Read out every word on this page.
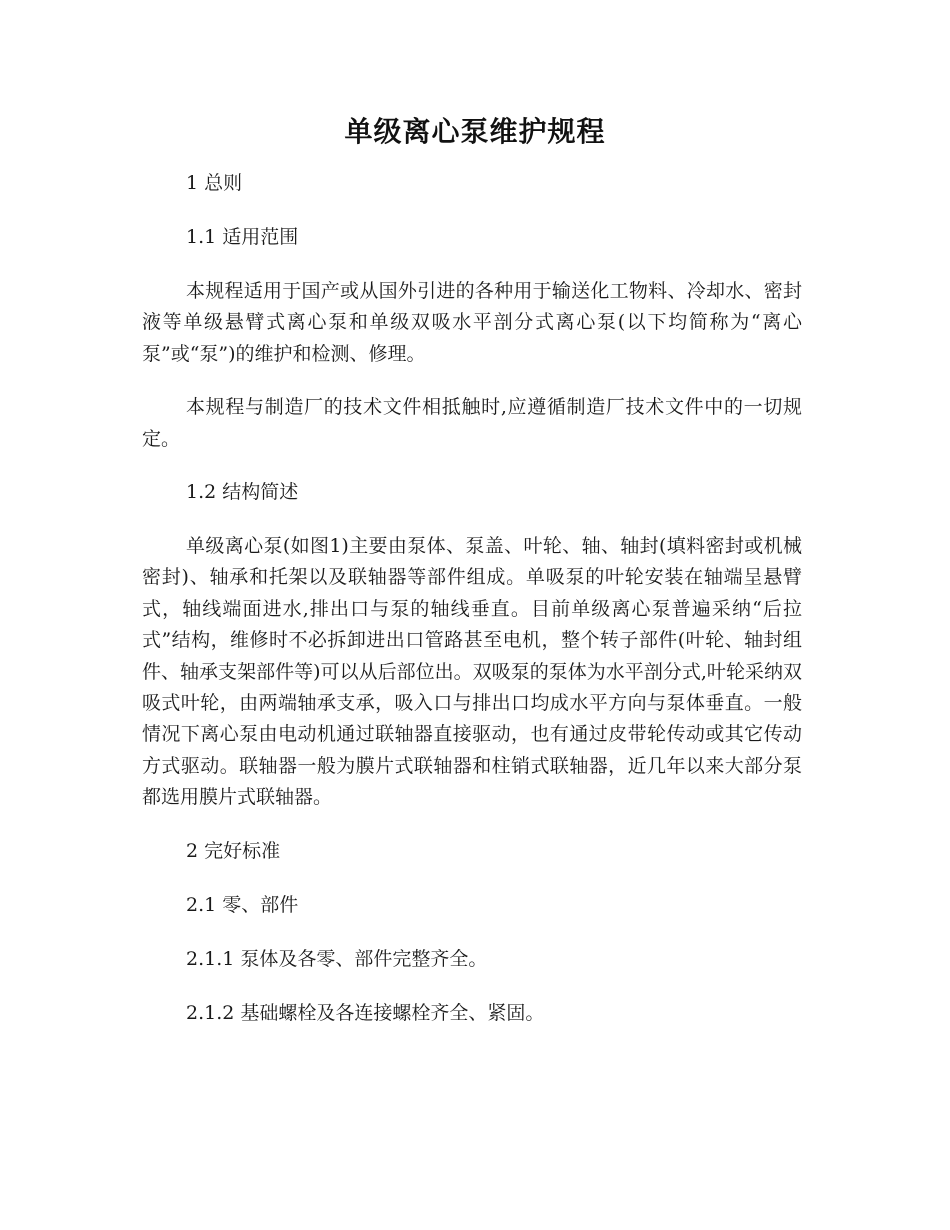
单级离心泵维护规程

1 总则

1.1 适用范围

本规程适用于国产或从国外引进的各种用于输送化工物料、冷却水、密封液等单级悬臂式离心泵和单级双吸水平剖分式离心泵(以下均简称为“离心泵”或“泵”)的维护和检测、修理。

本规程与制造厂的技术文件相抵触时,应遵循制造厂技术文件中的一切规定。

1.2 结构简述

单级离心泵(如图1)主要由泵体、泵盖、叶轮、轴、轴封(填料密封或机械密封)、轴承和托架以及联轴器等部件组成。单吸泵的叶轮安装在轴端呈悬臂式，轴线端面进水,排出口与泵的轴线垂直。目前单级离心泵普遍采纳“后拉式”结构，维修时不必拆卸进出口管路甚至电机，整个转子部件(叶轮、轴封组件、轴承支架部件等)可以从后部位出。双吸泵的泵体为水平剖分式,叶轮采纳双吸式叶轮，由两端轴承支承，吸入口与排出口均成水平方向与泵体垂直。一般情况下离心泵由电动机通过联轴器直接驱动，也有通过皮带轮传动或其它传动方式驱动。联轴器一般为膜片式联轴器和柱销式联轴器，近几年以来大部分泵都选用膜片式联轴器。

2 完好标准

2.1 零、部件

2.1.1 泵体及各零、部件完整齐全。

2.1.2 基础螺栓及各连接螺栓齐全、紧固。
